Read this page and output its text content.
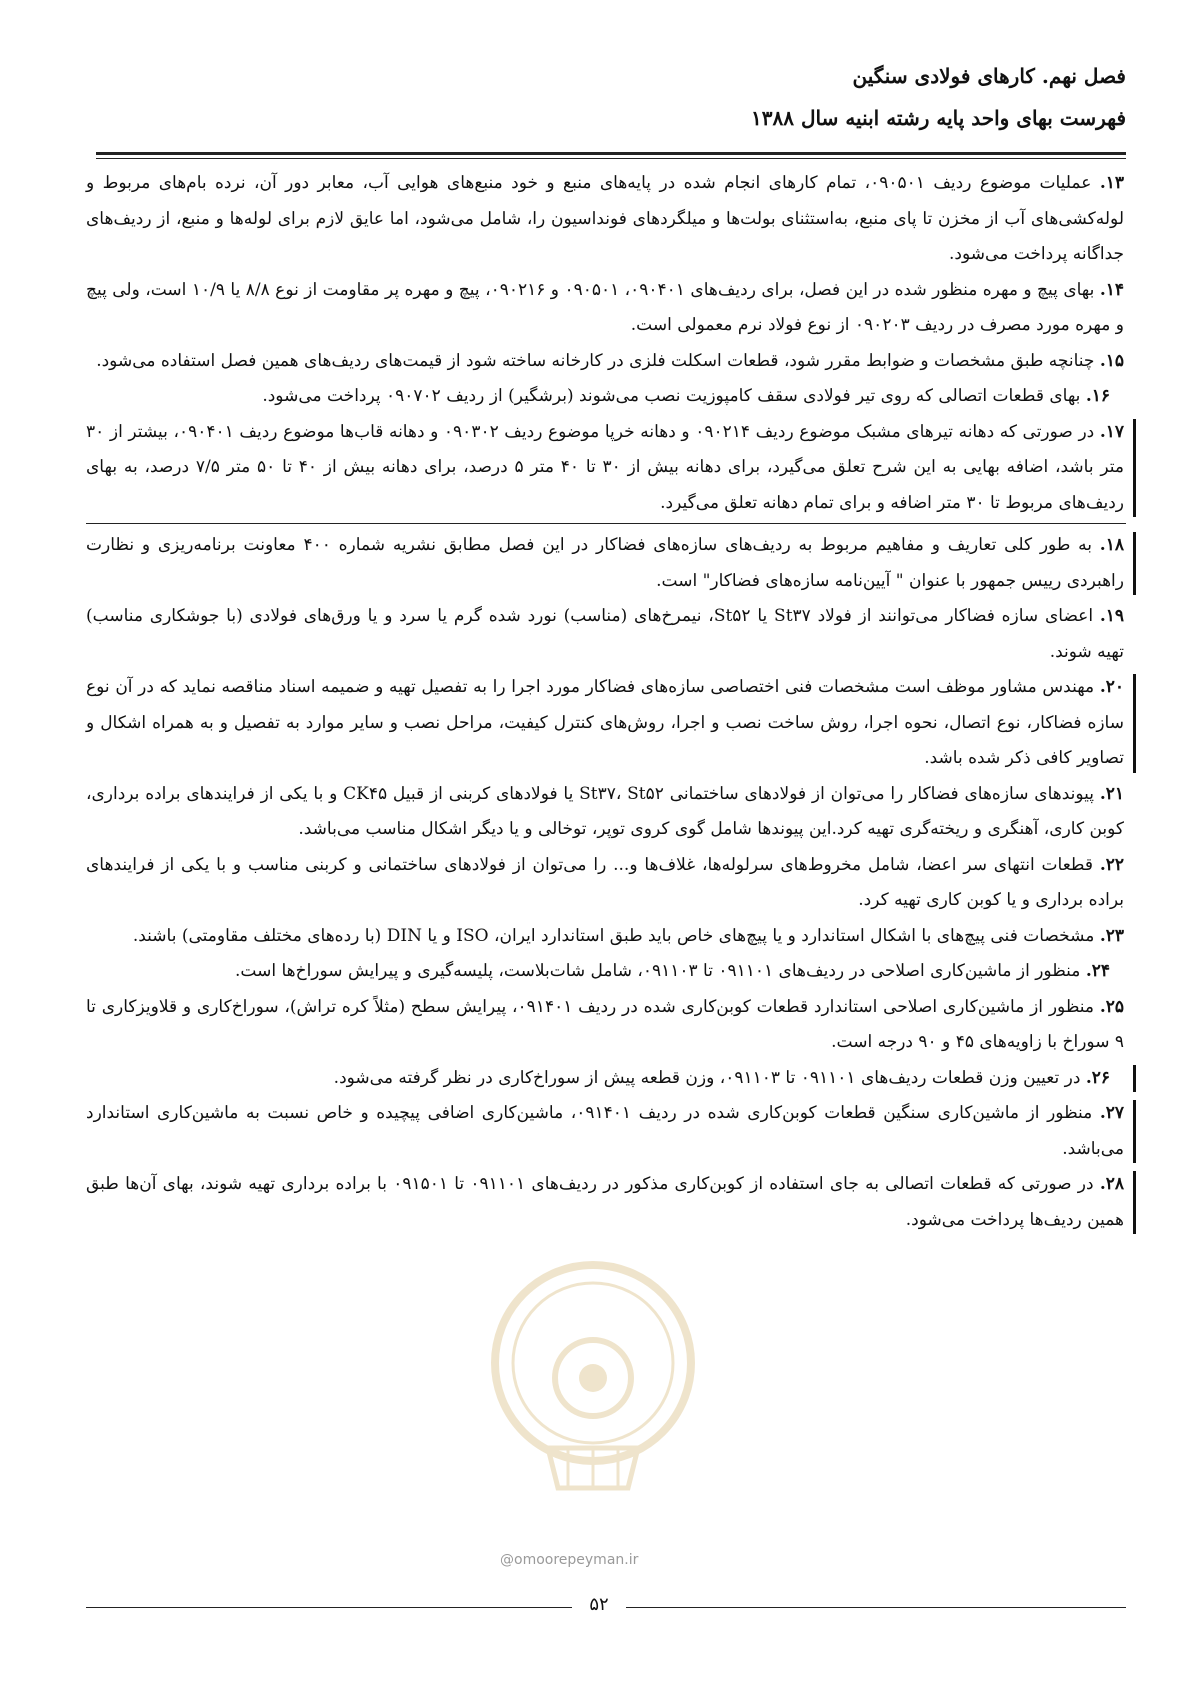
فصل نهم. کارهای فولادی سنگین
فهرست بهای واحد پایه رشته ابنیه سال ۱۳۸۸
۱۳. عملیات موضوع ردیف ۰۹۰۵۰۱، تمام کارهای انجام شده در پایه‌های منبع و خود منبع‌های هوایی آب، معابر دور آن، نرده بام‌های مربوط و لوله‌کشی‌های آب از مخزن تا پای منبع، به‌استثنای بولت‌ها و میلگردهای فونداسیون را، شامل می‌شود، اما عایق لازم برای لوله‌ها و منبع، از ردیف‌های جداگانه پرداخت می‌شود.
۱۴. بهای پیچ و مهره منظور شده در این فصل، برای ردیف‌های ۰۹۰۴۰۱، ۰۹۰۵۰۱ و ۰۹۰۲۱۶، پیچ و مهره پر مقاومت از نوع ۸/۸ یا ۱۰/۹ است، ولی پیچ و مهره مورد مصرف در ردیف ۰۹۰۲۰۳ از نوع فولاد نرم معمولی است.
۱۵. چنانچه طبق مشخصات و ضوابط مقرر شود، قطعات اسکلت فلزی در کارخانه ساخته شود از قیمت‌های ردیف‌های همین فصل استفاده می‌شود.
۱۶. بهای قطعات اتصالی که روی تیر فولادی سقف کامپوزیت نصب می‌شوند (برشگیر) از ردیف ۰۹۰۷۰۲ پرداخت می‌شود.
۱۷. در صورتی که دهانه تیرهای مشبک موضوع ردیف ۰۹۰۲۱۴ و دهانه خرپا موضوع ردیف ۰۹۰۳۰۲ و دهانه قاب‌ها موضوع ردیف ۰۹۰۴۰۱، بیشتر از ۳۰ متر باشد، اضافه بهایی به این شرح تعلق می‌گیرد، برای دهانه بیش از ۳۰ تا ۴۰ متر ۵ درصد، برای دهانه بیش از ۴۰ تا ۵۰ متر ۷/۵ درصد، به بهای ردیف‌های مربوط تا ۳۰ متر اضافه و برای تمام دهانه تعلق می‌گیرد.
۱۸. به طور کلی تعاریف و مفاهیم مربوط به ردیف‌های سازه‌های فضاکار در این فصل مطابق نشریه شماره ۴۰۰ معاونت برنامه‌ریزی و نظارت راهبردی رییس جمهور با عنوان " آیین‌نامه سازه‌های فضاکار" است.
۱۹. اعضای سازه فضاکار می‌توانند از فولاد St۳۷ یا St۵۲، نیمرخ‌های (مناسب) نورد شده گرم یا سرد و یا ورق‌های فولادی (با جوشکاری مناسب) تهیه شوند.
۲۰. مهندس مشاور موظف است مشخصات فنی اختصاصی سازه‌های فضاکار مورد اجرا را به تفصیل تهیه و ضمیمه اسناد مناقصه نماید که در آن نوع سازه فضاکار، نوع اتصال، نحوه اجرا، روش ساخت نصب و اجرا، روش‌های کنترل کیفیت، مراحل نصب و سایر موارد به تفصیل و به همراه اشکال و تصاویر کافی ذکر شده باشد.
۲۱. پیوندهای سازه‌های فضاکار را می‌توان از فولادهای ساختمانی St۳۷، St۵۲ یا فولادهای کربنی از قبیل CK۴۵ و با یکی از فرایندهای براده برداری، کوبن کاری، آهنگری و ریخته‌گری تهیه کرد.این پیوندها شامل گوی کروی توپر، توخالی و یا دیگر اشکال مناسب می‌باشد.
۲۲. قطعات انتهای سر اعضا، شامل مخروط‌های سرلوله‌ها، غلاف‌ها و... را می‌توان از فولادهای ساختمانی و کربنی مناسب و با یکی از فرایندهای براده برداری و یا کوبن کاری تهیه کرد.
۲۳. مشخصات فنی پیچ‌های با اشکال استاندارد و یا پیچ‌های خاص باید طبق استاندارد ایران، ISO و یا DIN (با رده‌های مختلف مقاومتی) باشند.
۲۴. منظور از ماشین‌کاری اصلاحی در ردیف‌های ۰۹۱۱۰۱ تا ۰۹۱۱۰۳، شامل شات‌بلاست، پلیسه‌گیری و پیرایش سوراخ‌ها است.
۲۵. منظور از ماشین‌کاری اصلاحی استاندارد قطعات کوبن‌کاری شده در ردیف ۰۹۱۴۰۱، پیرایش سطح (مثلاً کره تراش)، سوراخ‌کاری و قلاویزکاری تا ۹ سوراخ با زاویه‌های ۴۵ و ۹۰ درجه است.
۲۶. در تعیین وزن قطعات ردیف‌های ۰۹۱۱۰۱ تا ۰۹۱۱۰۳، وزن قطعه پیش از سوراخ‌کاری در نظر گرفته می‌شود.
۲۷. منظور از ماشین‌کاری سنگین قطعات کوبن‌کاری شده در ردیف ۰۹۱۴۰۱، ماشین‌کاری اضافی پیچیده و خاص نسبت به ماشین‌کاری استاندارد می‌باشد.
۲۸. در صورتی که قطعات اتصالی به جای استفاده از کوبن‌کاری مذکور در ردیف‌های ۰۹۱۱۰۱ تا ۰۹۱۵۰۱ با براده برداری تهیه شوند، بهای آن‌ها طبق همین ردیف‌ها پرداخت می‌شود.
@omoorepeyman.ir
۵۲
